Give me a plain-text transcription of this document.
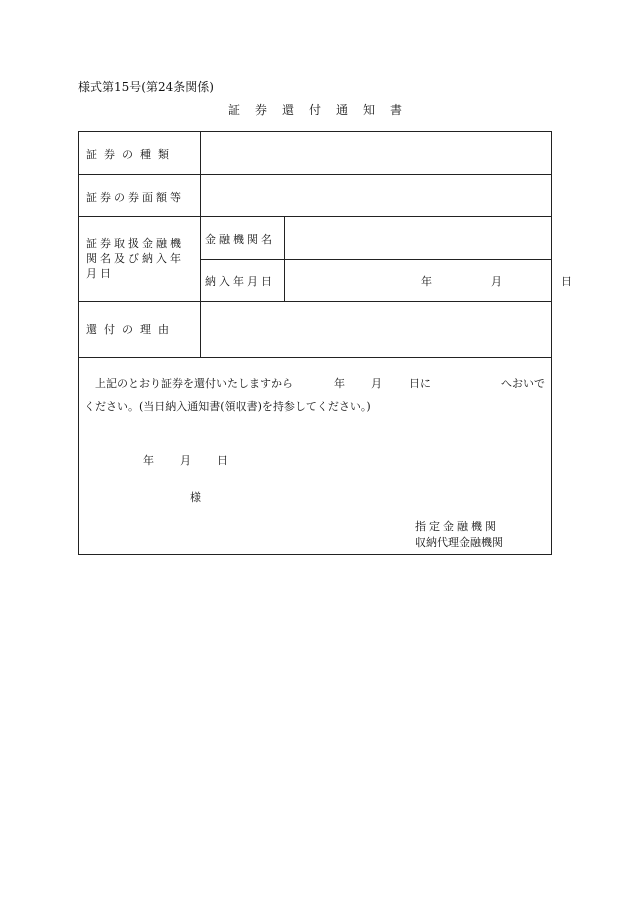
様式第15号(第24条関係)
証券還付通知書
証券の種類
証券の券面額等
証券取扱金融機
関名及び納入年
月日
金融機関名
納入年月日	年	月	日
還付の理由
上記のとおり証券を還付いたしますから	年 月 日に	へおいで
ください。(当日納入通知書(領収書)を持参してください。)
年 月 日
様
指定金融機関
収納代理金融機関
